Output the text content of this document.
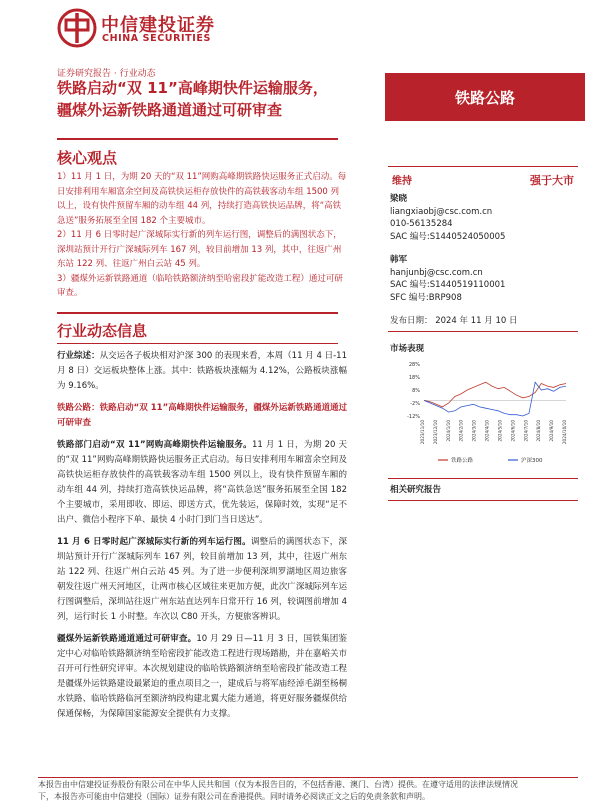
中信建投证券
CHINA SECURITIES
证券研究报告 · 行业动态
铁路启动“双 11”高峰期快件运输服务，
疆煤外运新铁路通道通过可研审查
铁路公路
核心观点

1）11 月 1 日，为期 20 天的“双 11”网购高峰期铁路快运服务正式启动。每日安排利用车厢富余空间及高铁快运柜存放快件的高铁载客动车组 1500 列以上，设有快件预留车厢的动车组 44 列，持续打造高铁快运品牌，将“高铁急送”服务拓展至全国 182 个主要城市。

2）11 月 6 日零时起广深城际实行新的列车运行图，调整后的满图状态下，深圳站预计开行广深城际列车 167 列，较目前增加 13 列，其中，往返广州东站 122 列、往返广州白云站 45 列。

3）疆煤外运新铁路通道（临哈铁路额济纳至哈密段扩能改造工程）通过可研审查。

行业动态信息

行业综述：从交运各子板块相对沪深 300 的表现来看，本周（11 月 4 日-11 月 8 日）交运板块整体上涨。其中：铁路板块涨幅为 4.12%，公路板块涨幅为 9.16%。

铁路公路：铁路启动“双 11”高峰期快件运输服务，疆煤外运新铁路通道通过可研审查

铁路部门启动“双 11”网购高峰期快件运输服务。11 月 1 日，为期 20 天的“双 11”网购高峰期铁路快运服务正式启动。每日安排利用车厢富余空间及高铁快运柜存放快件的高铁载客动车组 1500 列以上，设有快件预留车厢的动车组 44 列，持续打造高铁快运品牌，将“高铁急送”服务拓展至全国 182 个主要城市，采用即收、即运、即送方式，优先装运，保障时效，实现“足不出户、微信小程序下单、最快 4 小时门到门当日送达”。

11 月 6 日零时起广深城际实行新的列车运行图。调整后的满图状态下，深圳站预计开行广深城际列车 167 列，较目前增加 13 列，其中，往返广州东站 122 列、往返广州白云站 45 列。为了进一步便利深圳罗湖地区周边旅客朝发往返广州天河地区，让两市核心区域往来更加方便，此次广深城际列车运行图调整后，深圳站往返广州东站直达列车日常开行 16 列，较调图前增加 4 列，运行时长 1 小时整。车次以 C80 开头，方便旅客辨识。

疆煤外运新铁路通道通过可研审查。10 月 29 日—11 月 3 日，国铁集团鉴定中心对临哈铁路额济纳至哈密段扩能改造工程进行现场踏勘，并在嘉峪关市召开可行性研究评审。本次规划建设的临哈铁路额济纳至哈密段扩能改造工程是疆煤外运铁路建设最紧迫的重点项目之一，建成后与将军庙经淖毛湖至杨桐水铁路、临哈铁路临河至额济纳段构建北翼大能力通道，将更好服务疆煤供给保通保畅，为保障国家能源安全提供有力支撑。

维持	强于大市
梁晓
liangxiaobj@csc.com.cn
010-56135284
SAC 编号:S1440524050005
韩军
hanjunbj@csc.com.cn
SAC 编号:S1440519110001
SFC 编号:BRP908
发布日期： 2024 年 11 月 10 日
市场表现
28%
18%
8%
-2%
-12%
2023/11/10 2023/12/10 2024/1/10 2024/2/10 2024/3/10 2024/4/10 2024/5/10 2024/6/10 2024/7/10 2024/8/10 2024/9/10 2024/10/10
铁路公路	沪深300
相关研究报告
本报告由中信建投证券股份有限公司在中华人民共和国（仅为本报告目的，不包括香港、澳门、台湾）提供。在遵守适用的法律法规情况
下，本报告亦可能由中信建投（国际）证券有限公司在香港提供。同时请务必阅读正文之后的免责条款和声明。
